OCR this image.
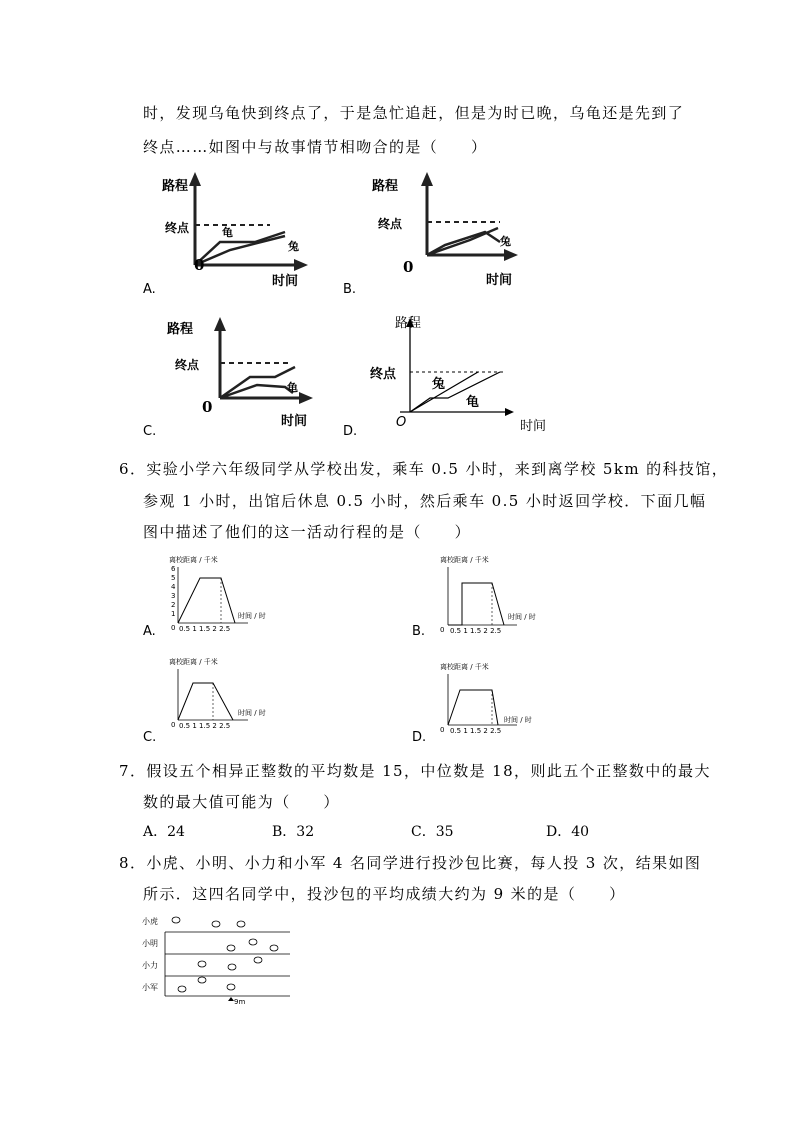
时，发现乌龟快到终点了，于是急忙追赶，但是为时已晚，乌龟还是先到了
终点……如图中与故事情节相吻合的是（　　）
路程
终点	龟
兔
0
时间
A.
路程
终点
兔
0
时间
B.
路程
终点
龟
0
时间
C.
路程
终点
兔
龟
O	时间
D.
6．实验小学六年级同学从学校出发，乘车 0.5 小时，来到离学校 5km 的科技馆，
参观 1 小时，出馆后休息 0.5 小时，然后乘车 0.5 小时返回学校．下面几幅
图中描述了他们的这一活动行程的是（　　）
离校距离 / 千米
5
4
3
2
1
6
0 0.5 1 1.5 2 2.5
时间 / 时
A.
离校距离 / 千米
0 0.5 1 1.5 2 2.5
时间 / 时
B.
离校距离 / 千米
0 0.5 1 1.5 2 2.5
时间 / 时
C.
离校距离 / 千米
0 0.5 1 1.5 2 2.5
时间 / 时
D.
7．假设五个相异正整数的平均数是 15，中位数是 18，则此五个正整数中的最大
数的最大值可能为（　　）
A．24	B．32	C．35	D．40
8．小虎、小明、小力和小军 4 名同学进行投沙包比赛，每人投 3 次，结果如图
所示．这四名同学中，投沙包的平均成绩大约为 9 米的是（　　）
小虎
小明
小力
小军
9m
